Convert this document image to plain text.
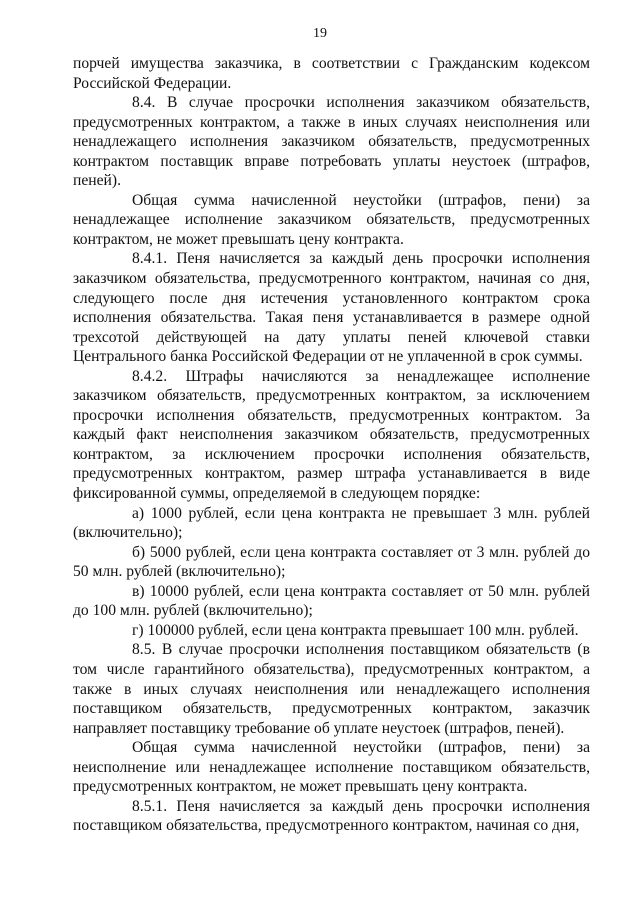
19

порчей имущества заказчика, в соответствии с Гражданским кодексом Российской Федерации.

8.4. В случае просрочки исполнения заказчиком обязательств, предусмотренных контрактом, а также в иных случаях неисполнения или ненадлежащего исполнения заказчиком обязательств, предусмотренных контрактом поставщик вправе потребовать уплаты неустоек (штрафов, пеней).

Общая сумма начисленной неустойки (штрафов, пени) за ненадлежащее исполнение заказчиком обязательств, предусмотренных контрактом, не может превышать цену контракта.

8.4.1. Пеня начисляется за каждый день просрочки исполнения заказчиком обязательства, предусмотренного контрактом, начиная со дня, следующего после дня истечения установленного контрактом срока исполнения обязательства. Такая пеня устанавливается в размере одной трехсотой действующей на дату уплаты пеней ключевой ставки Центрального банка Российской Федерации от не уплаченной в срок суммы.

8.4.2. Штрафы начисляются за ненадлежащее исполнение заказчиком обязательств, предусмотренных контрактом, за исключением просрочки исполнения обязательств, предусмотренных контрактом. За каждый факт неисполнения заказчиком обязательств, предусмотренных контрактом, за исключением просрочки исполнения обязательств, предусмотренных контрактом, размер штрафа устанавливается в виде фиксированной суммы, определяемой в следующем порядке:

а) 1000 рублей, если цена контракта не превышает 3 млн. рублей (включительно);

б) 5000 рублей, если цена контракта составляет от 3 млн. рублей до 50 млн. рублей (включительно);

в) 10000 рублей, если цена контракта составляет от 50 млн. рублей до 100 млн. рублей (включительно);

г) 100000 рублей, если цена контракта превышает 100 млн. рублей.

8.5. В случае просрочки исполнения поставщиком обязательств (в том числе гарантийного обязательства), предусмотренных контрактом, а также в иных случаях неисполнения или ненадлежащего исполнения поставщиком обязательств, предусмотренных контрактом, заказчик направляет поставщику требование об уплате неустоек (штрафов, пеней).

Общая сумма начисленной неустойки (штрафов, пени) за неисполнение или ненадлежащее исполнение поставщиком обязательств, предусмотренных контрактом, не может превышать цену контракта.

8.5.1. Пеня начисляется за каждый день просрочки исполнения поставщиком обязательства, предусмотренного контрактом, начиная со дня,
